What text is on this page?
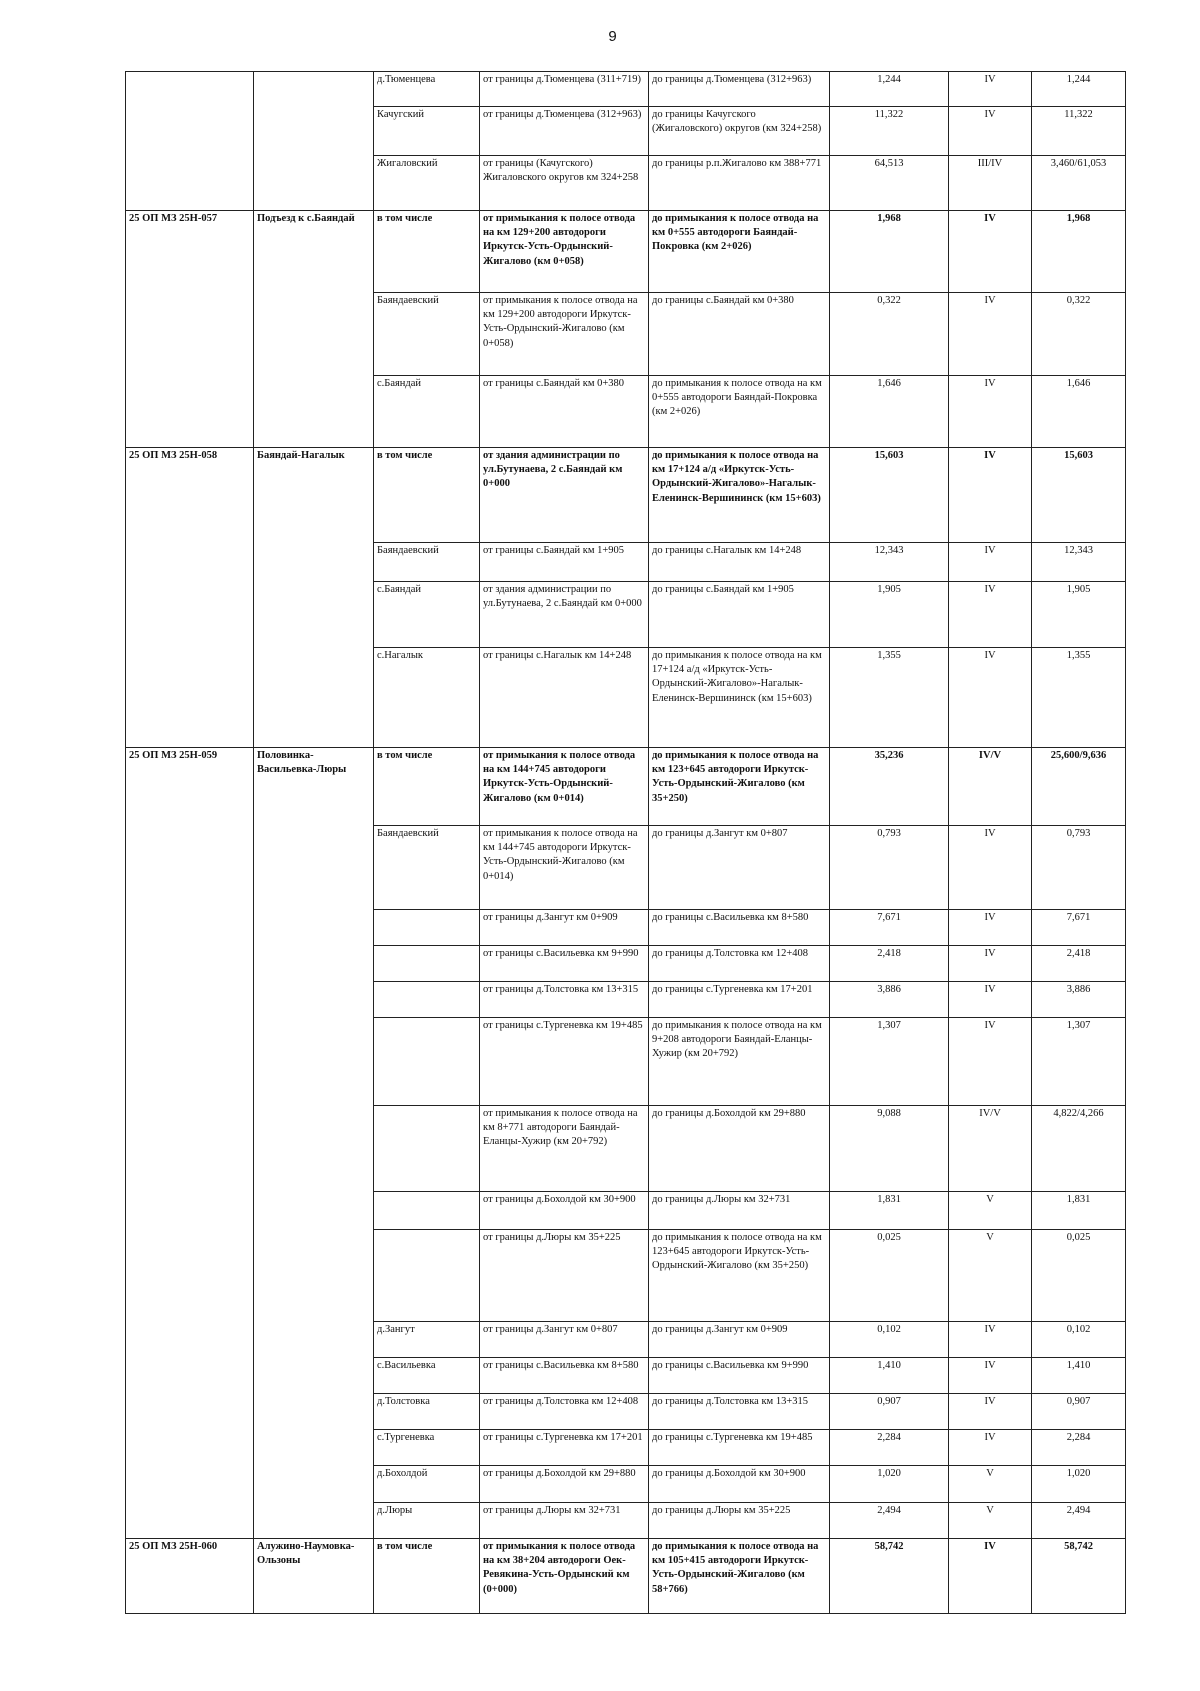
9
		д.Тюменцева	от границы д.Тюменцева (311+719)	до границы д.Тюменцева (312+963)	1,244	IV	1,244
		Качугский	от границы д.Тюменцева (312+963)	до границы Качугского (Жигаловского) округов (км 324+258)	11,322	IV	11,322
		Жигаловский	от границы (Качугского) Жигаловского округов км 324+258	до границы р.п.Жигалово км 388+771	64,513	III/IV	3,460/61,053
25 ОП МЗ 25Н-057	Подъезд к с.Баяндай	в том числе	от примыкания к полосе отвода на км 129+200 автодороги Иркутск-Усть-Ордынский-Жигалово (км 0+058)	до примыкания к полосе отвода на км 0+555 автодороги Баяндай-Покровка (км 2+026)	1,968	IV	1,968
		Баяндаевский	от примыкания к полосе отвода на км 129+200 автодороги Иркутск-Усть-Ордынский-Жигалово (км 0+058)	до границы с.Баяндай км 0+380	0,322	IV	0,322
		с.Баяндай	от границы с.Баяндай км 0+380	до примыкания к полосе отвода на км 0+555 автодороги Баяндай-Покровка (км 2+026)	1,646	IV	1,646
25 ОП МЗ 25Н-058	Баяндай-Нагалык	в том числе	от здания администрации по ул.Бутунаева, 2 с.Баяндай км 0+000	до примыкания к полосе отвода на км 17+124 а/д «Иркутск-Усть-Ордынский-Жигалово»-Нагалык-Еленинск-Вершининск (км 15+603)	15,603	IV	15,603
		Баяндаевский	от границы с.Баяндай км 1+905	до границы с.Нагалык км 14+248	12,343	IV	12,343
		с.Баяндай	от здания администрации по ул.Бутунаева, 2 с.Баяндай км 0+000	до границы с.Баяндай км 1+905	1,905	IV	1,905
		с.Нагалык	от границы с.Нагалык км 14+248	до примыкания к полосе отвода на км 17+124 а/д «Иркутск-Усть-Ордынский-Жигалово»-Нагалык-Еленинск-Вершининск (км 15+603)	1,355	IV	1,355
25 ОП МЗ 25Н-059	Половинка-Васильевка-Люры	в том числе	от примыкания к полосе отвода на км 144+745 автодороги Иркутск-Усть-Ордынский-Жигалово (км 0+014)	до примыкания к полосе отвода на км 123+645 автодороги Иркутск-Усть-Ордынский-Жигалово (км 35+250)	35,236	IV/V	25,600/9,636
		Баяндаевский	от примыкания к полосе отвода на км 144+745 автодороги Иркутск-Усть-Ордынский-Жигалово (км 0+014)	до границы д.Зангут км 0+807	0,793	IV	0,793
			от границы д.Зангут км 0+909	до границы с.Васильевка км 8+580	7,671	IV	7,671
			от границы с.Васильевка км 9+990	до границы д.Толстовка км 12+408	2,418	IV	2,418
			от границы д.Толстовка км 13+315	до границы с.Тургеневка км 17+201	3,886	IV	3,886
			от границы с.Тургеневка км 19+485	до примыкания к полосе отвода на км 9+208 автодороги Баяндай-Еланцы-Хужир (км 20+792)	1,307	IV	1,307
			от примыкания к полосе отвода на км 8+771 автодороги Баяндай-Еланцы-Хужир (км 20+792)	до границы д.Бохолдой км 29+880	9,088	IV/V	4,822/4,266
			от границы д.Бохолдой км 30+900	до границы д.Люры км 32+731	1,831	V	1,831
			от границы д.Люры км 35+225	до примыкания к полосе отвода на км 123+645 автодороги Иркутск-Усть-Ордынский-Жигалово (км 35+250)	0,025	V	0,025
		д.Зангут	от границы д.Зангут км 0+807	до границы д.Зангут км 0+909	0,102	IV	0,102
		с.Васильевка	от границы с.Васильевка км 8+580	до границы с.Васильевка км 9+990	1,410	IV	1,410
		д.Толстовка	от границы д.Толстовка км 12+408	до границы д.Толстовка км 13+315	0,907	IV	0,907
		с.Тургеневка	от границы с.Тургеневка км 17+201	до границы с.Тургеневка км 19+485	2,284	IV	2,284
		д.Бохолдой	от границы д.Бохолдой км 29+880	до границы д.Бохолдой км 30+900	1,020	V	1,020
		д.Люры	от границы д.Люры км 32+731	до границы д.Люры км 35+225	2,494	V	2,494
25 ОП МЗ 25Н-060	Алужино-Наумовка-Ользоны	в том числе	от примыкания к полосе отвода на км 38+204 автодороги Оек-Ревякина-Усть-Ордынский км (0+000)	до примыкания к полосе отвода на км 105+415 автодороги Иркутск-Усть-Ордынский-Жигалово (км 58+766)	58,742	IV	58,742
